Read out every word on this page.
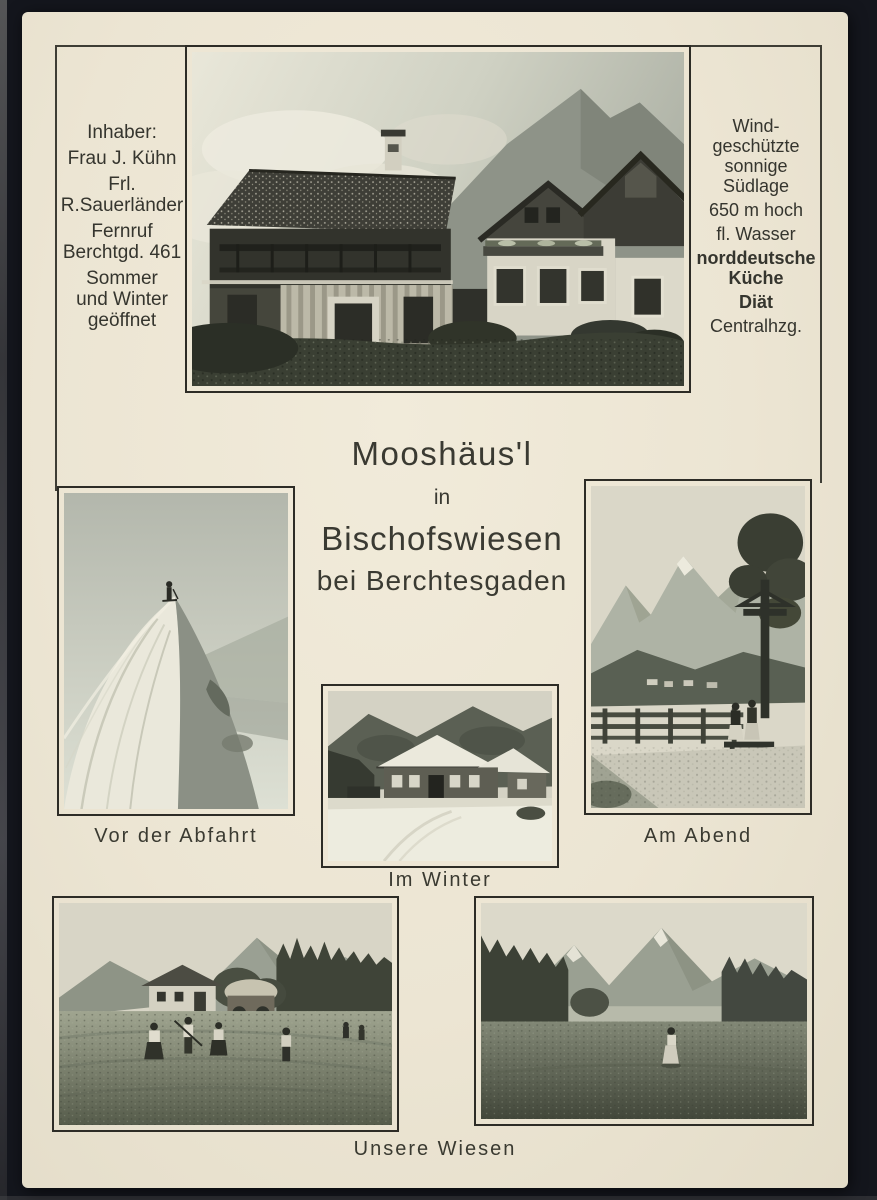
Inhaber:
Frau J. Kühn
Frl.
R.Sauerländer
Fernruf
Berchtgd. 461
Sommer
und Winter
geöffnet
Wind-
geschützte
sonnige
Südlage
650 m hoch
fl. Wasser
norddeutsche
Küche
Diät
Centralhzg.
Mooshäus'l
in
Bischofswiesen
bei Berchtesgaden
Vor der Abfahrt	Am Abend
Im Winter
Unsere Wiesen
